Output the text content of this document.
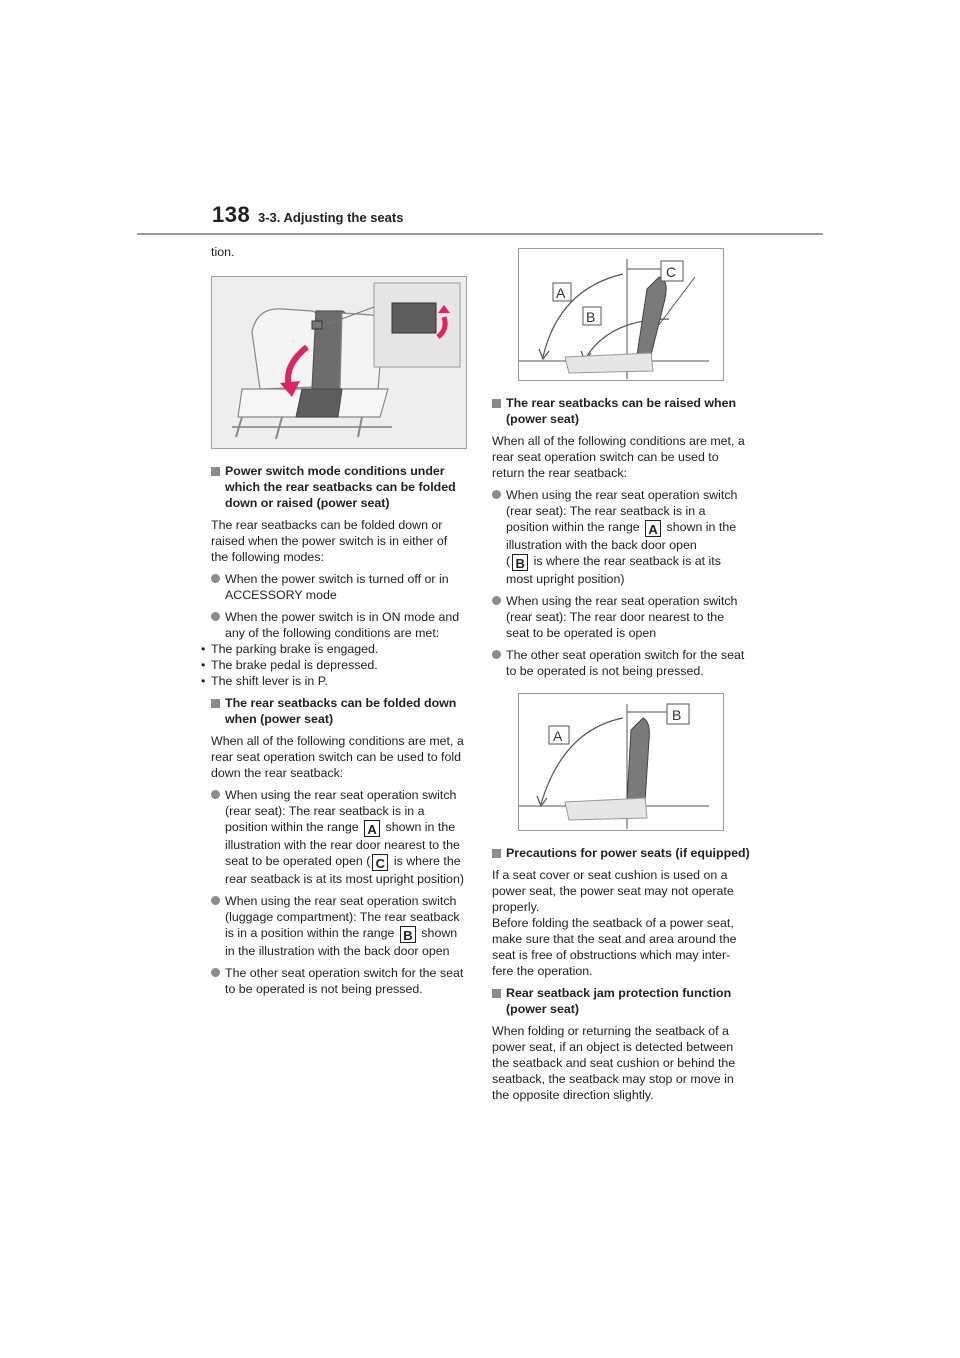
138 3-3. Adjusting the seats

tion.

Power switch mode conditions under which the rear seatbacks can be folded down or raised (power seat)

The rear seatbacks can be folded down or raised when the power switch is in either of the following modes:

When the power switch is turned off or in ACCESSORY mode
When the power switch is in ON mode and any of the following conditions are met:

• The parking brake is engaged.

• The brake pedal is depressed.

• The shift lever is in P.

The rear seatbacks can be folded down when (power seat)

When all of the following conditions are met, a rear seat operation switch can be used to fold down the rear seatback:

When using the rear seat operation switch (rear seat): The rear seatback is in a position within the range A shown in the illustration with the rear door nearest to the seat to be operated open ( C is where the rear seatback is at its most upright position)
When using the rear seat operation switch (luggage compartment): The rear seatback is in a position within the range B shown in the illustration with the back door open
The other seat operation switch for the seat to be operated is not being pressed.
A
B
C
The rear seatbacks can be raised when (power seat)

When all of the following conditions are met, a rear seat operation switch can be used to return the rear seatback:

When using the rear seat operation switch (rear seat): The rear seatback is in a position within the range A shown in the illustration with the back door open
( B is where the rear seatback is at its most upright position)
When using the rear seat operation switch (rear seat): The rear door nearest to the seat to be operated is open
The other seat operation switch for the seat to be operated is not being pressed.
A
B
Precautions for power seats (if equipped)

If a seat cover or seat cushion is used on a power seat, the power seat may not operate properly.

Before folding the seatback of a power seat, make sure that the seat and area around the seat is free of obstructions which may inter-fere the operation.

Rear seatback jam protection function (power seat)

When folding or returning the seatback of a power seat, if an object is detected between the seatback and seat cushion or behind the seatback, the seatback may stop or move in the opposite direction slightly.
